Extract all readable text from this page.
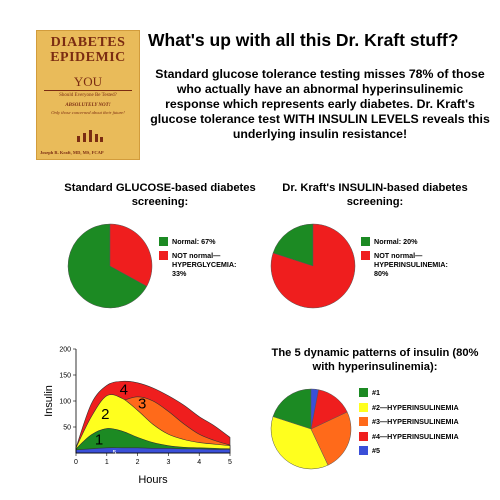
DIABETES
EPIDEMIC
YOU
Should Everyone Be Tested?
ABSOLUTELY NOT!
Only those concerned about their future!
Joseph R. Kraft, MD, MS, FCAP
What's up with all this Dr. Kraft stuff?
Standard glucose tolerance testing misses 78% of those who actually have an abnormal hyperinsulinemic response which represents early diabetes. Dr. Kraft's glucose tolerance test WITH INSULIN LEVELS reveals this underlying insulin resistance!
Standard GLUCOSE-based diabetes screening:
Normal: 67%
NOT normal—HYPERGLYCEMIA: 33%
Dr. Kraft's INSULIN-based diabetes screening:
Normal: 20%
NOT normal—HYPERINSULINEMIA: 80%
50
100
150
200
0	1	2	3	4	5
Hours
Insulin	4
3
2
1
5
The 5 dynamic patterns of insulin (80% with hyperinsulinemia):
#1
#2—HYPERINSULINEMIA
#3—HYPERINSULINEMIA
#4—HYPERINSULINEMIA
#5
